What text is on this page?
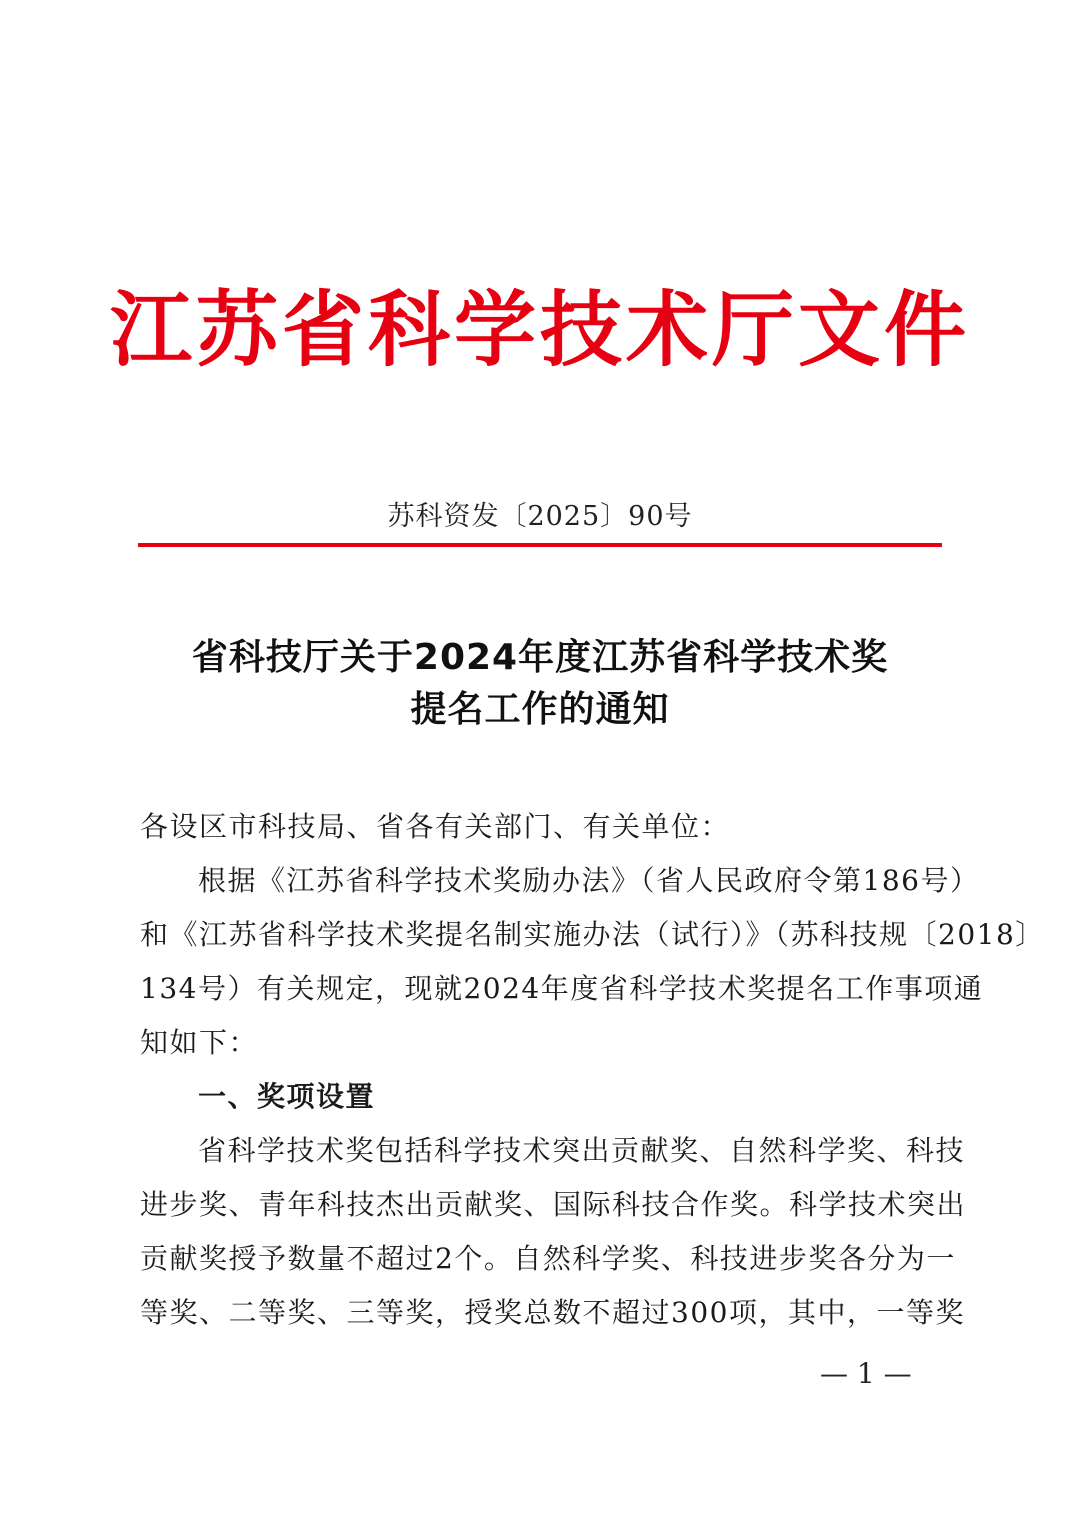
江苏省科学技术厅文件
苏科资发〔2025〕90号
省科技厅关于2024年度江苏省科学技术奖
提名工作的通知
各设区市科技局、省各有关部门、有关单位：
根据《江苏省科学技术奖励办法》（省人民政府令第186号）
和《江苏省科学技术奖提名制实施办法（试行）》（苏科技规〔2018〕
134号）有关规定，现就2024年度省科学技术奖提名工作事项通
知如下：
一、奖项设置
省科学技术奖包括科学技术突出贡献奖、自然科学奖、科技
进步奖、青年科技杰出贡献奖、国际科技合作奖。科学技术突出
贡献奖授予数量不超过2个。自然科学奖、科技进步奖各分为一
等奖、二等奖、三等奖，授奖总数不超过300项，其中，一等奖
— 1 —
